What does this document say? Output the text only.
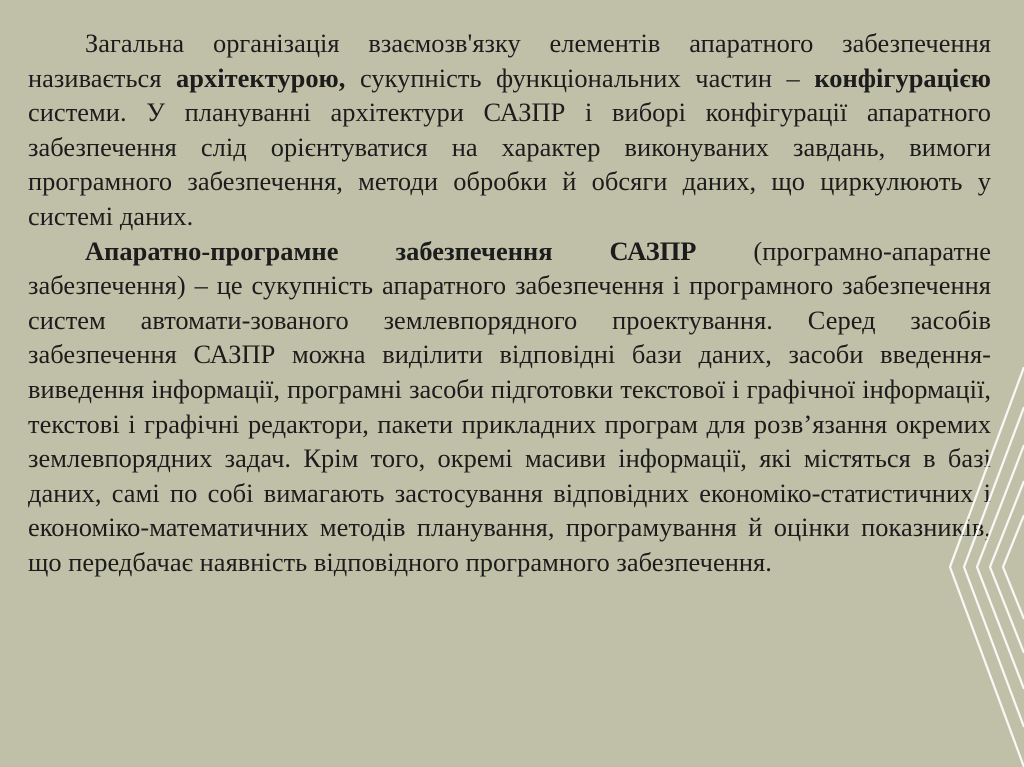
Загальна організація взаємозв'язку елементів апаратного забезпечення називається архітектурою, сукупність функціональних частин – конфігурацією системи. У плануванні архітектури САЗПР і виборі конфігурації апаратного забезпечення слід орієнтуватися на характер виконуваних завдань, вимоги програмного забезпечення, методи обробки й обсяги даних, що циркулюють у системі даних.

Апаратно-програмне забезпечення САЗПР (програмно-апаратне забезпечення) – це сукупність апаратного забезпечення і програмного забезпечення систем автомати-зованого землевпорядного проектування. Серед засобів забезпечення САЗПР можна виділити відповідні бази даних, засоби введення-виведення інформації, програмні засоби підготовки текстової і графічної інформації, текстові і графічні редактори, пакети прикладних програм для розв’язання окремих землевпорядних задач. Крім того, окремі масиви інформації, які містяться в базі даних, самі по собі вимагають застосування відповідних економіко-статистичних і економіко-математичних методів планування, програмування й оцінки показників, що передбачає наявність відповідного програмного забезпечення.
